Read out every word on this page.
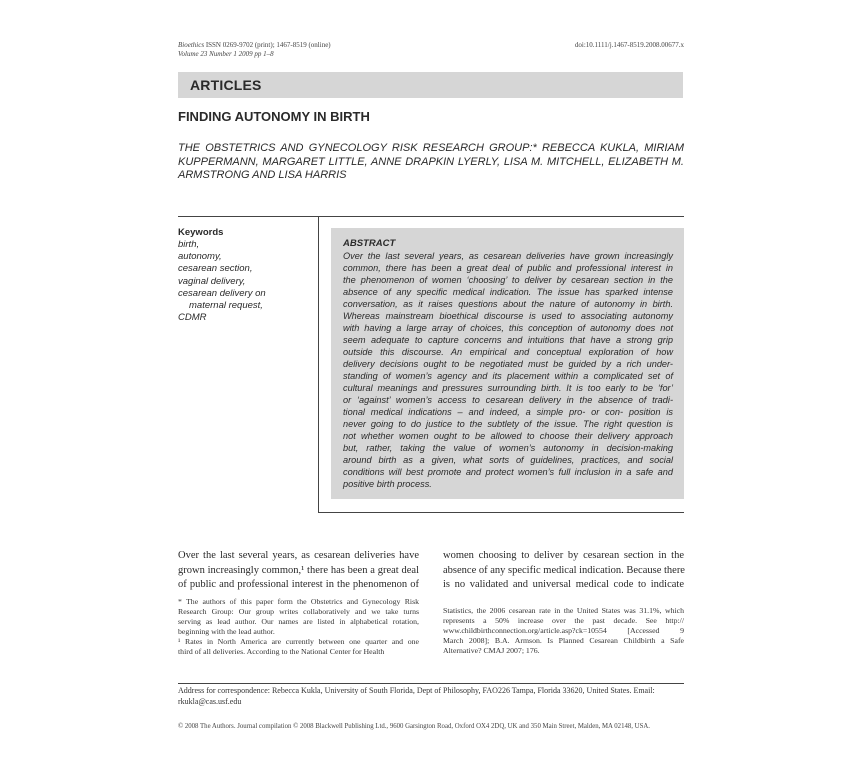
Bioethics ISSN 0269-9702 (print); 1467-8519 (online)
Volume 23 Number 1 2009 pp 1–8
doi:10.1111/j.1467-8519.2008.00677.x
ARTICLES
FINDING AUTONOMY IN BIRTH
THE OBSTETRICS AND GYNECOLOGY RISK RESEARCH GROUP:* REBECCA KUKLA, MIRIAM KUPPERMANN, MARGARET LITTLE, ANNE DRAPKIN LYERLY, LISA M. MITCHELL, ELIZABETH M. ARMSTRONG AND LISA HARRIS
Keywords
birth,
autonomy,
cesarean section,
vaginal delivery,
cesarean delivery on
maternal request,
CDMR
ABSTRACT
Over the last several years, as cesarean deliveries have grown increasingly
common, there has been a great deal of public and professional interest in
the phenomenon of women ‘choosing’ to deliver by cesarean section in the
absence of any specific medical indication. The issue has sparked intense
conversation, as it raises questions about the nature of autonomy in birth.
Whereas mainstream bioethical discourse is used to associating autonomy
with having a large array of choices, this conception of autonomy does not
seem adequate to capture concerns and intuitions that have a strong grip
outside this discourse. An empirical and conceptual exploration of how
delivery decisions ought to be negotiated must be guided by a rich under-
standing of women’s agency and its placement within a complicated set of
cultural meanings and pressures surrounding birth. It is too early to be ‘for’
or ‘against’ women’s access to cesarean delivery in the absence of tradi-
tional medical indications – and indeed, a simple pro- or con- position is
never going to do justice to the subtlety of the issue. The right question is
not whether women ought to be allowed to choose their delivery approach
but, rather, taking the value of women’s autonomy in decision-making
around birth as a given, what sorts of guidelines, practices, and social
conditions will best promote and protect women’s full inclusion in a safe and
positive birth process.
Over the last several years, as cesarean deliveries have
grown increasingly common,¹ there has been a great deal
of public and professional interest in the phenomenon of
women choosing to deliver by cesarean section in the
absence of any specific medical indication. Because there
is no validated and universal medical code to indicate
* The authors of this paper form the Obstetrics and Gynecology Risk
Research Group: Our group writes collaboratively and we take turns
serving as lead author. Our names are listed in alphabetical rotation,
beginning with the lead author.
¹ Rates in North America are currently between one quarter and one
third of all deliveries. According to the National Center for Health
Statistics, the 2006 cesarean rate in the United States was 31.1%, which
represents a 50% increase over the past decade. See http://
www.childbirthconnection.org/article.asp?ck=10554 [Accessed 9
March 2008]; B.A. Armson. Is Planned Cesarean Childbirth a Safe
Alternative? CMAJ 2007; 176.
Address for correspondence: Rebecca Kukla, University of South Florida, Dept of Philosophy, FAO226 Tampa, Florida 33620, United States. Email: rkukla@cas.usf.edu
© 2008 The Authors. Journal compilation © 2008 Blackwell Publishing Ltd., 9600 Garsington Road, Oxford OX4 2DQ, UK and 350 Main Street, Malden, MA 02148, USA.
